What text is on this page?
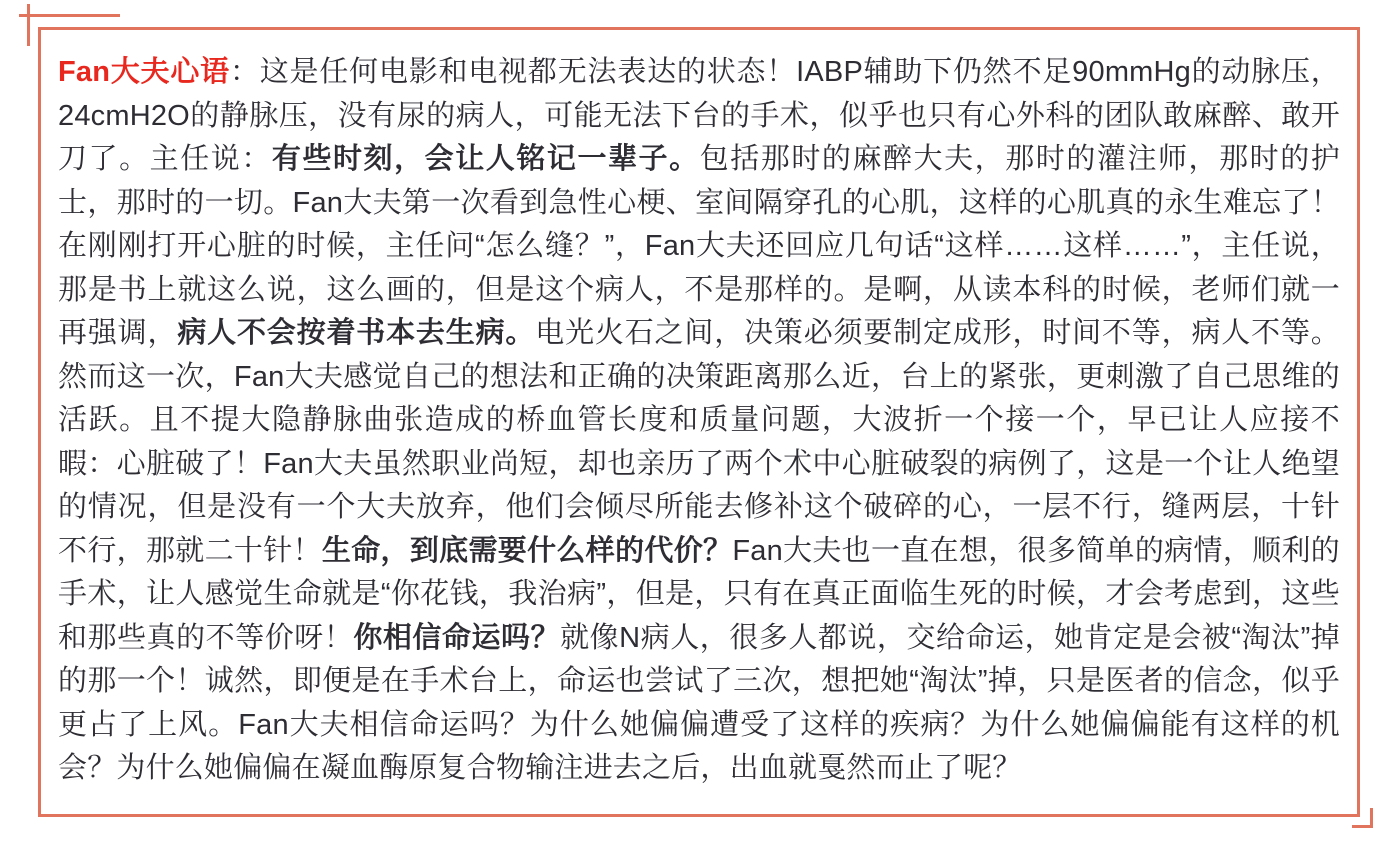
Fan大夫心语：这是任何电影和电视都无法表达的状态！IABP辅助下仍然不足90mmHg的动脉压，24cmH2O的静脉压，没有尿的病人，可能无法下台的手术，似乎也只有心外科的团队敢麻醉、敢开刀了。主任说：有些时刻，会让人铭记一辈子。包括那时的麻醉大夫，那时的灌注师，那时的护士，那时的一切。Fan大夫第一次看到急性心梗、室间隔穿孔的心肌，这样的心肌真的永生难忘了！在刚刚打开心脏的时候，主任问“怎么缝？”，Fan大夫还回应几句话“这样……这样……”，主任说，那是书上就这么说，这么画的，但是这个病人，不是那样的。是啊，从读本科的时候，老师们就一再强调，病人不会按着书本去生病。电光火石之间，决策必须要制定成形，时间不等，病人不等。然而这一次，Fan大夫感觉自己的想法和正确的决策距离那么近，台上的紧张，更刺激了自己思维的活跃。且不提大隐静脉曲张造成的桥血管长度和质量问题，大波折一个接一个，早已让人应接不暇：心脏破了！Fan大夫虽然职业尚短，却也亲历了两个术中心脏破裂的病例了，这是一个让人绝望的情况，但是没有一个大夫放弃，他们会倾尽所能去修补这个破碎的心，一层不行，缝两层，十针不行，那就二十针！生命，到底需要什么样的代价？Fan大夫也一直在想，很多简单的病情，顺利的手术，让人感觉生命就是“你花钱，我治病”，但是，只有在真正面临生死的时候，才会考虑到，这些和那些真的不等价呀！你相信命运吗？就像N病人，很多人都说，交给命运，她肯定是会被“淘汰”掉的那一个！诚然，即便是在手术台上，命运也尝试了三次，想把她“淘汰”掉，只是医者的信念，似乎更占了上风。Fan大夫相信命运吗？为什么她偏偏遭受了这样的疾病？为什么她偏偏能有这样的机会？为什么她偏偏在凝血酶原复合物输注进去之后，出血就戛然而止了呢？
